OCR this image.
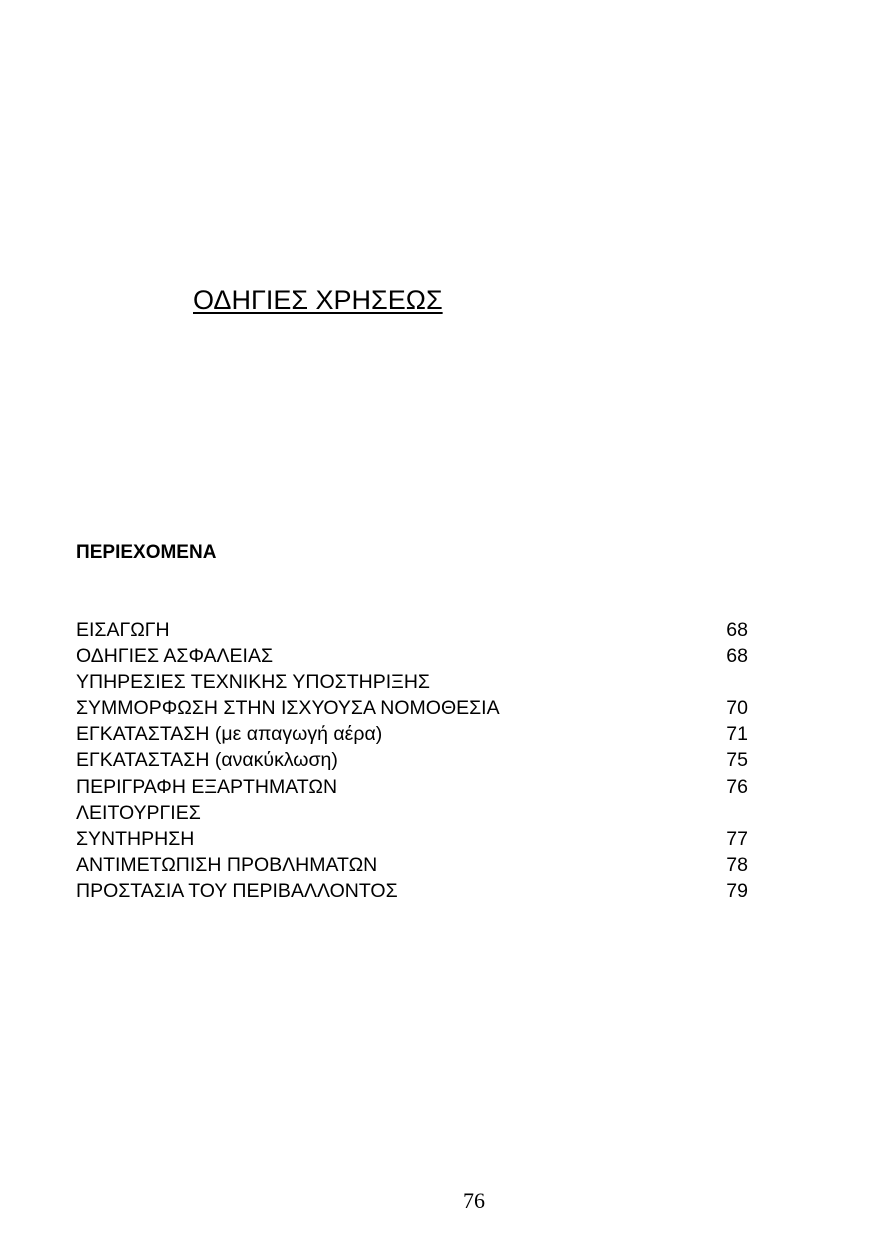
ΟΔΗΓΙΕΣ ΧΡΗΣΕΩΣ
ΠΕΡΙΕΧΟΜΕΝΑ
ΕΙΣΑΓΩΓΗ	68
ΟΔΗΓΙΕΣ ΑΣΦΑΛΕΙΑΣ	68
ΥΠΗΡΕΣΙΕΣ ΤΕΧΝΙΚΗΣ ΥΠΟΣΤΗΡΙΞΗΣ
ΣΥΜΜΟΡΦΩΣΗ ΣΤΗΝ ΙΣΧΥΟΥΣΑ ΝΟΜΟΘΕΣΙΑ	70
ΕΓΚΑΤΑΣΤΑΣΗ (με απαγωγή αέρα)	71
ΕΓΚΑΤΑΣΤΑΣΗ (ανακύκλωση)	75
ΠΕΡΙΓΡΑΦΗ ΕΞΑΡΤΗΜΑΤΩΝ	76
ΛΕΙΤΟΥΡΓΙΕΣ
ΣΥΝΤΗΡΗΣΗ	77
ΑΝΤΙΜΕΤΩΠΙΣΗ ΠΡΟΒΛΗΜΑΤΩΝ	78
ΠΡΟΣΤΑΣΙΑ ΤΟΥ ΠΕΡΙΒΑΛΛΟΝΤΟΣ	79
76
